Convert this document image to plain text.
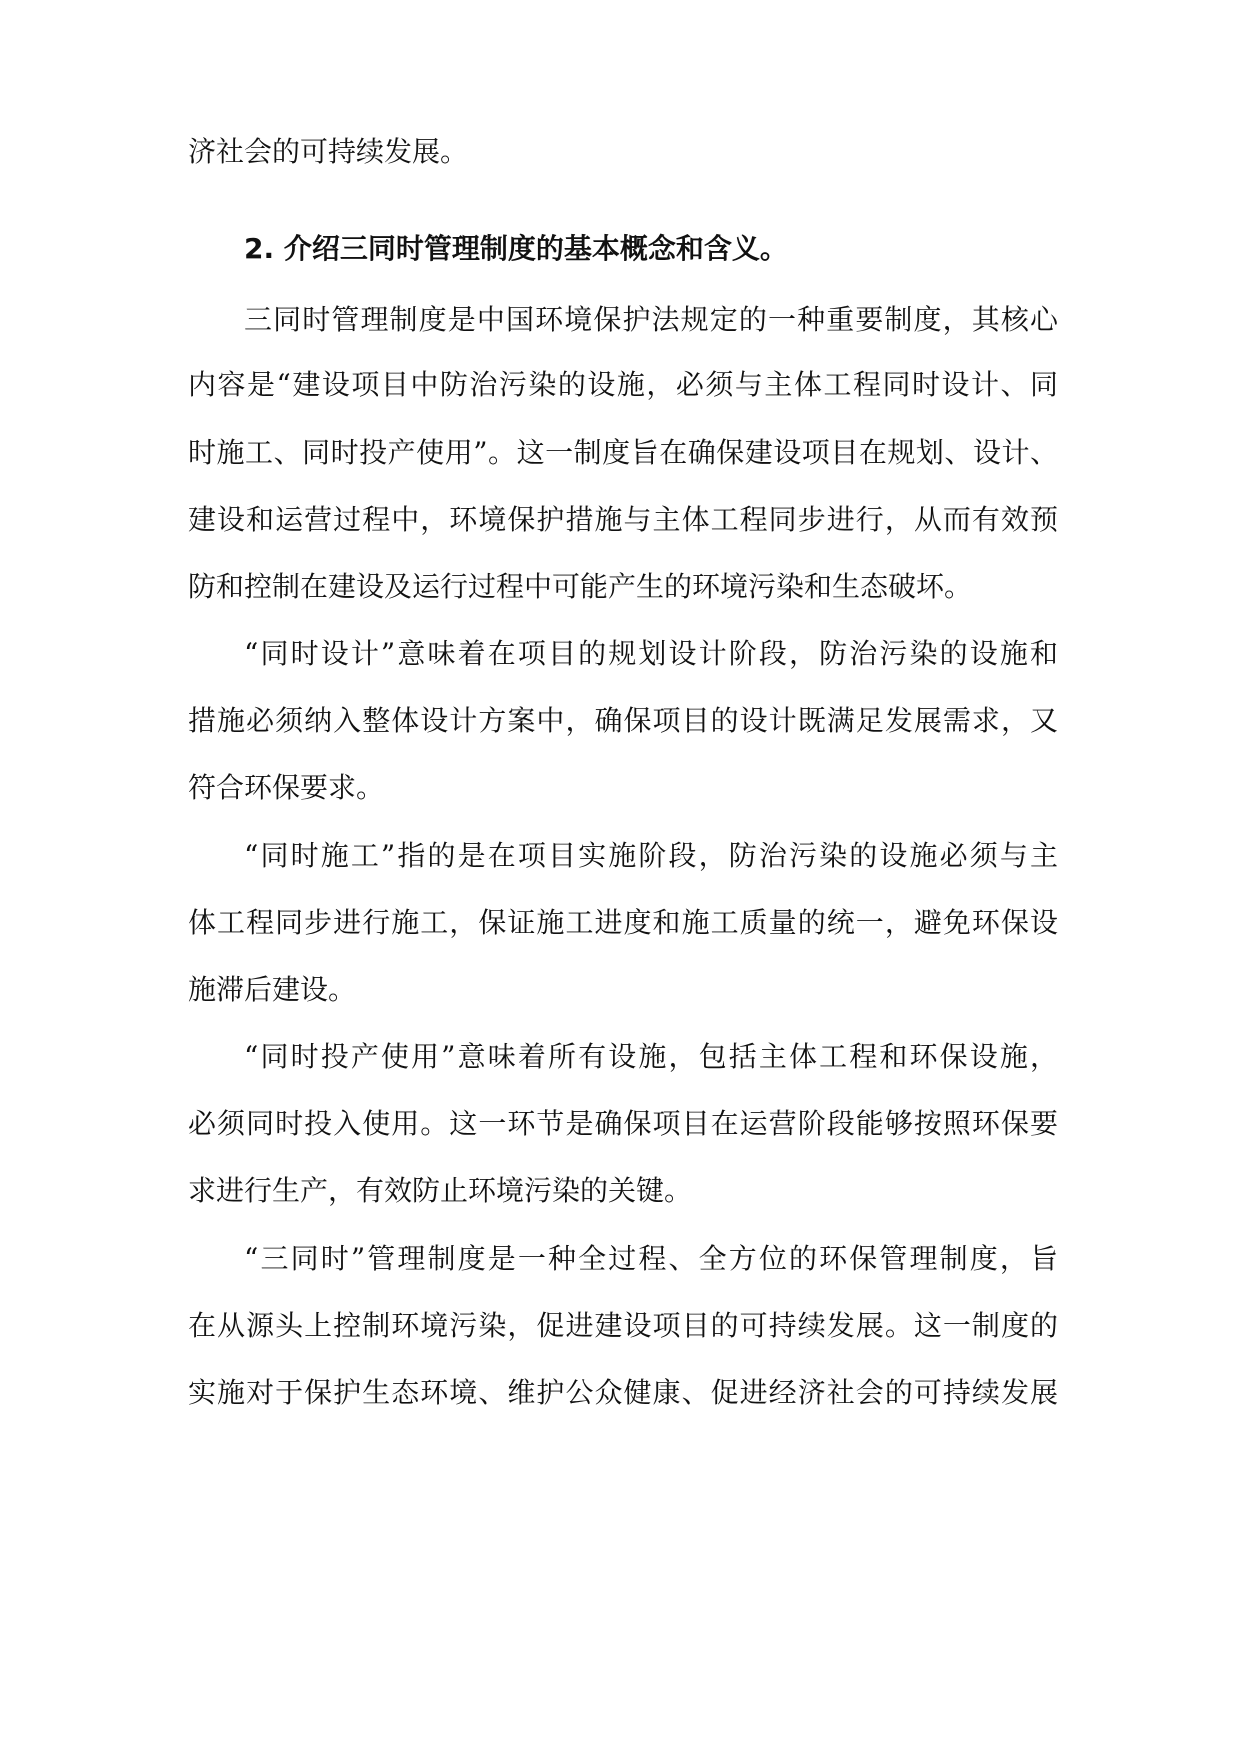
济社会的可持续发展。
2. 介绍三同时管理制度的基本概念和含义。
三同时管理制度是中国环境保护法规定的一种重要制度，其核心
内容是“建设项目中防治污染的设施，必须与主体工程同时设计、同
时施工、同时投产使用”。这一制度旨在确保建设项目在规划、设计、
建设和运营过程中，环境保护措施与主体工程同步进行，从而有效预
防和控制在建设及运行过程中可能产生的环境污染和生态破坏。
“同时设计”意味着在项目的规划设计阶段，防治污染的设施和
措施必须纳入整体设计方案中，确保项目的设计既满足发展需求，又
符合环保要求。
“同时施工”指的是在项目实施阶段，防治污染的设施必须与主
体工程同步进行施工，保证施工进度和施工质量的统一，避免环保设
施滞后建设。
“同时投产使用”意味着所有设施，包括主体工程和环保设施，
必须同时投入使用。这一环节是确保项目在运营阶段能够按照环保要
求进行生产，有效防止环境污染的关键。
“三同时”管理制度是一种全过程、全方位的环保管理制度，旨
在从源头上控制环境污染，促进建设项目的可持续发展。这一制度的
实施对于保护生态环境、维护公众健康、促进经济社会的可持续发展
